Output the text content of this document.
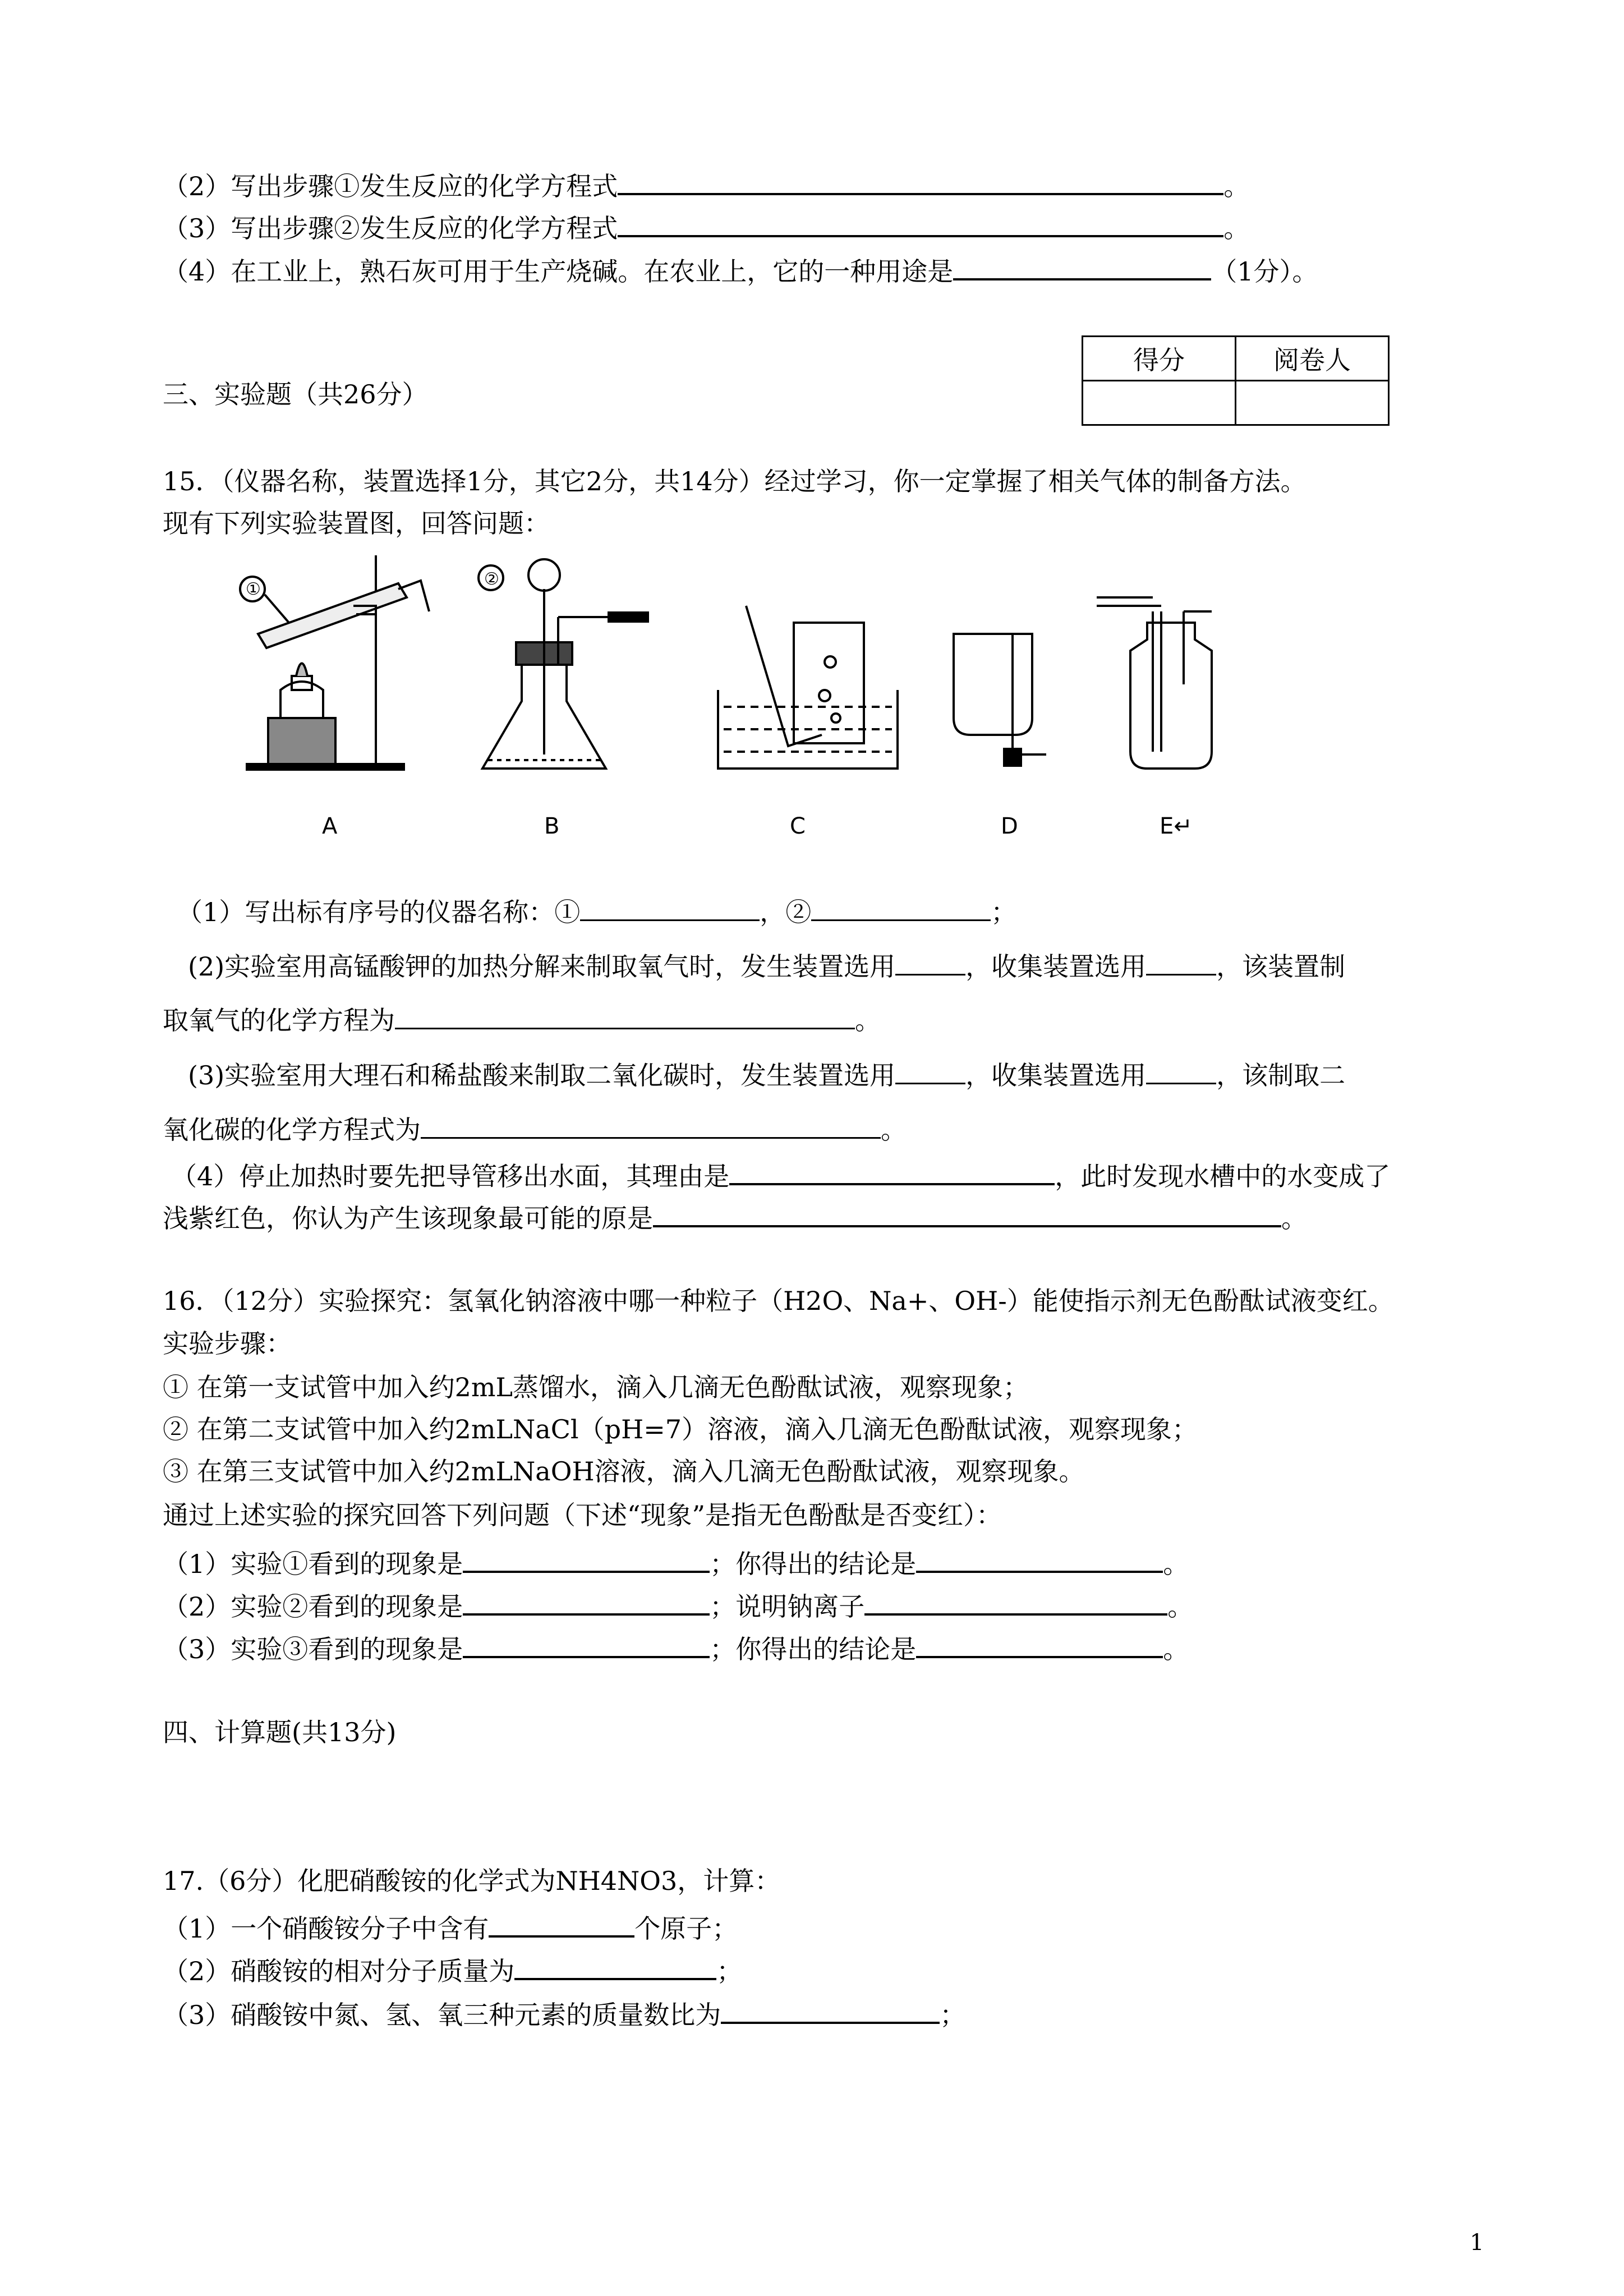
（2）写出步骤①发生反应的化学方程式	。
（3）写出步骤②发生反应的化学方程式	。
（4）在工业上，熟石灰可用于生产烧碱。在农业上，它的一种用途是	（1分）。
三、实验题（共26分）
得分	阅卷人

15．（仪器名称，装置选择1分，其它2分，共14分）经过学习，你一定掌握了相关气体的制备方法。
现有下列实验装置图，回答问题：
①
②
A	B	C	D	E↵
（1）写出标有序号的仪器名称：①	，②	；
(2)实验室用高锰酸钾的加热分解来制取氧气时，发生装置选用	，收集装置选用	，该装置制
取氧气的化学方程为	。
(3)实验室用大理石和稀盐酸来制取二氧化碳时，发生装置选用	，收集装置选用	，该制取二
氧化碳的化学方程式为	。
（4）停止加热时要先把导管移出水面，其理由是	，此时发现水槽中的水变成了
浅紫红色，你认为产生该现象最可能的原是	。
16．（12分）实验探究：氢氧化钠溶液中哪一种粒子（H2O、Na+、OH-）能使指示剂无色酚酞试液变红。
实验步骤：
① 在第一支试管中加入约2mL蒸馏水，滴入几滴无色酚酞试液，观察现象；
② 在第二支试管中加入约2mLNaCl（pH=7）溶液，滴入几滴无色酚酞试液，观察现象；
③ 在第三支试管中加入约2mLNaOH溶液，滴入几滴无色酚酞试液，观察现象。
通过上述实验的探究回答下列问题（下述“现象”是指无色酚酞是否变红）：
（1）实验①看到的现象是	；你得出的结论是	。
（2）实验②看到的现象是	；说明钠离子	。
（3）实验③看到的现象是	；你得出的结论是	。
四、计算题(共13分)
17.（6分）化肥硝酸铵的化学式为NH4NO3，计算：
（1）一个硝酸铵分子中含有	个原子；
（2）硝酸铵的相对分子质量为	；
（3）硝酸铵中氮、氢、氧三种元素的质量数比为	；
1
